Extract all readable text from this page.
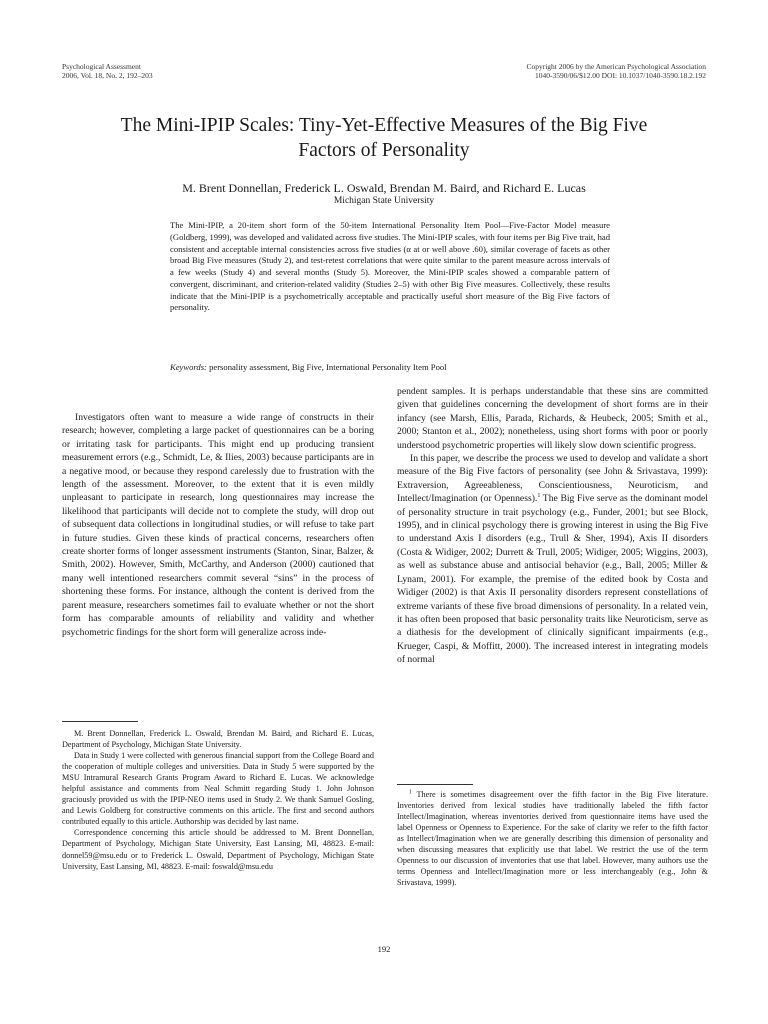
Psychological Assessment
2006, Vol. 18, No. 2, 192–203
Copyright 2006 by the American Psychological Association
1040-3590/06/$12.00 DOI: 10.1037/1040-3590.18.2.192
The Mini-IPIP Scales: Tiny-Yet-Effective Measures of the Big Five
Factors of Personality
M. Brent Donnellan, Frederick L. Oswald, Brendan M. Baird, and Richard E. Lucas
Michigan State University

The Mini-IPIP, a 20-item short form of the 50-item International Personality Item Pool—Five-Factor Model measure (Goldberg, 1999), was developed and validated across five studies. The Mini-IPIP scales, with four items per Big Five trait, had consistent and acceptable internal consistencies across five studies (α at or well above .60), similar coverage of facets as other broad Big Five measures (Study 2), and test-retest correlations that were quite similar to the parent measure across intervals of a few weeks (Study 4) and several months (Study 5). Moreover, the Mini-IPIP scales showed a comparable pattern of convergent, discriminant, and criterion-related validity (Studies 2–5) with other Big Five measures. Collectively, these results indicate that the Mini-IPIP is a psychometrically acceptable and practically useful short measure of the Big Five factors of personality.

Keywords: personality assessment, Big Five, International Personality Item Pool

Investigators often want to measure a wide range of constructs in their research; however, completing a large packet of questionnaires can be a boring or irritating task for participants. This might end up producing transient measurement errors (e.g., Schmidt, Le, & Ilies, 2003) because participants are in a negative mood, or because they respond carelessly due to frustration with the length of the assessment. Moreover, to the extent that it is even mildly unpleasant to participate in research, long questionnaires may increase the likelihood that participants will decide not to complete the study, will drop out of subsequent data collections in longitudinal studies, or will refuse to take part in future studies. Given these kinds of practical concerns, researchers often create shorter forms of longer assessment instruments (Stanton, Sinar, Balzer, & Smith, 2002). However, Smith, McCarthy, and Anderson (2000) cautioned that many well intentioned researchers commit several “sins” in the process of shortening these forms. For instance, although the content is derived from the parent measure, researchers sometimes fail to evaluate whether or not the short form has comparable amounts of reliability and validity and whether psychometric findings for the short form will generalize across inde-

pendent samples. It is perhaps understandable that these sins are committed given that guidelines concerning the development of short forms are in their infancy (see Marsh, Ellis, Parada, Richards, & Heubeck, 2005; Smith et al., 2000; Stanton et al., 2002); nonetheless, using short forms with poor or poorly understood psychometric properties will likely slow down scientific progress.

In this paper, we describe the process we used to develop and validate a short measure of the Big Five factors of personality (see John & Srivastava, 1999): Extraversion, Agreeableness, Conscientiousness, Neuroticism, and Intellect/Imagination (or Openness).$^1$ The Big Five serve as the dominant model of personality structure in trait psychology (e.g., Funder, 2001; but see Block, 1995), and in clinical psychology there is growing interest in using the Big Five to understand Axis I disorders (e.g., Trull & Sher, 1994), Axis II disorders (Costa & Widiger, 2002; Durrett & Trull, 2005; Widiger, 2005; Wiggins, 2003), as well as substance abuse and antisocial behavior (e.g., Ball, 2005; Miller & Lynam, 2001). For example, the premise of the edited book by Costa and Widiger (2002) is that Axis II personality disorders represent constellations of extreme variants of these five broad dimensions of personality. In a related vein, it has often been proposed that basic personality traits like Neuroticism, serve as a diathesis for the development of clinically significant impairments (e.g., Krueger, Caspi, & Moffitt, 2000). The increased interest in integrating models of normal

M. Brent Donnellan, Frederick L. Oswald, Brendan M. Baird, and Richard E. Lucas, Department of Psychology, Michigan State University.

Data in Study 1 were collected with generous financial support from the College Board and the cooperation of multiple colleges and universities. Data in Study 5 were supported by the MSU Intramural Research Grants Program Award to Richard E. Lucas. We acknowledge helpful assistance and comments from Neal Schmitt regarding Study 1. John Johnson graciously provided us with the IPIP-NEO items used in Study 2. We thank Samuel Gosling, and Lewis Goldberg for constructive comments on this article. The first and second authors contributed equally to this article. Authorship was decided by last name.

Correspondence concerning this article should be addressed to M. Brent Donnellan, Department of Psychology, Michigan State University, East Lansing, MI, 48823. E-mail: donnel59@msu.edu or to Frederick L. Oswald, Department of Psychology, Michigan State University, East Lansing, MI, 48823. E-mail: foswald@msu.edu

$^1$ There is sometimes disagreement over the fifth factor in the Big Five literature. Inventories derived from lexical studies have traditionally labeled the fifth factor Intellect/Imagination, whereas inventories derived from questionnaire items have used the label Openness or Openness to Experience. For the sake of clarity we refer to the fifth factor as Intellect/Imagination when we are generally describing this dimension of personality and when discussing measures that explicitly use that label. We restrict the use of the term Openness to our discussion of inventories that use that label. However, many authors use the terms Openness and Intellect/Imagination more or less interchangeably (e.g., John & Srivastava, 1999).

192
